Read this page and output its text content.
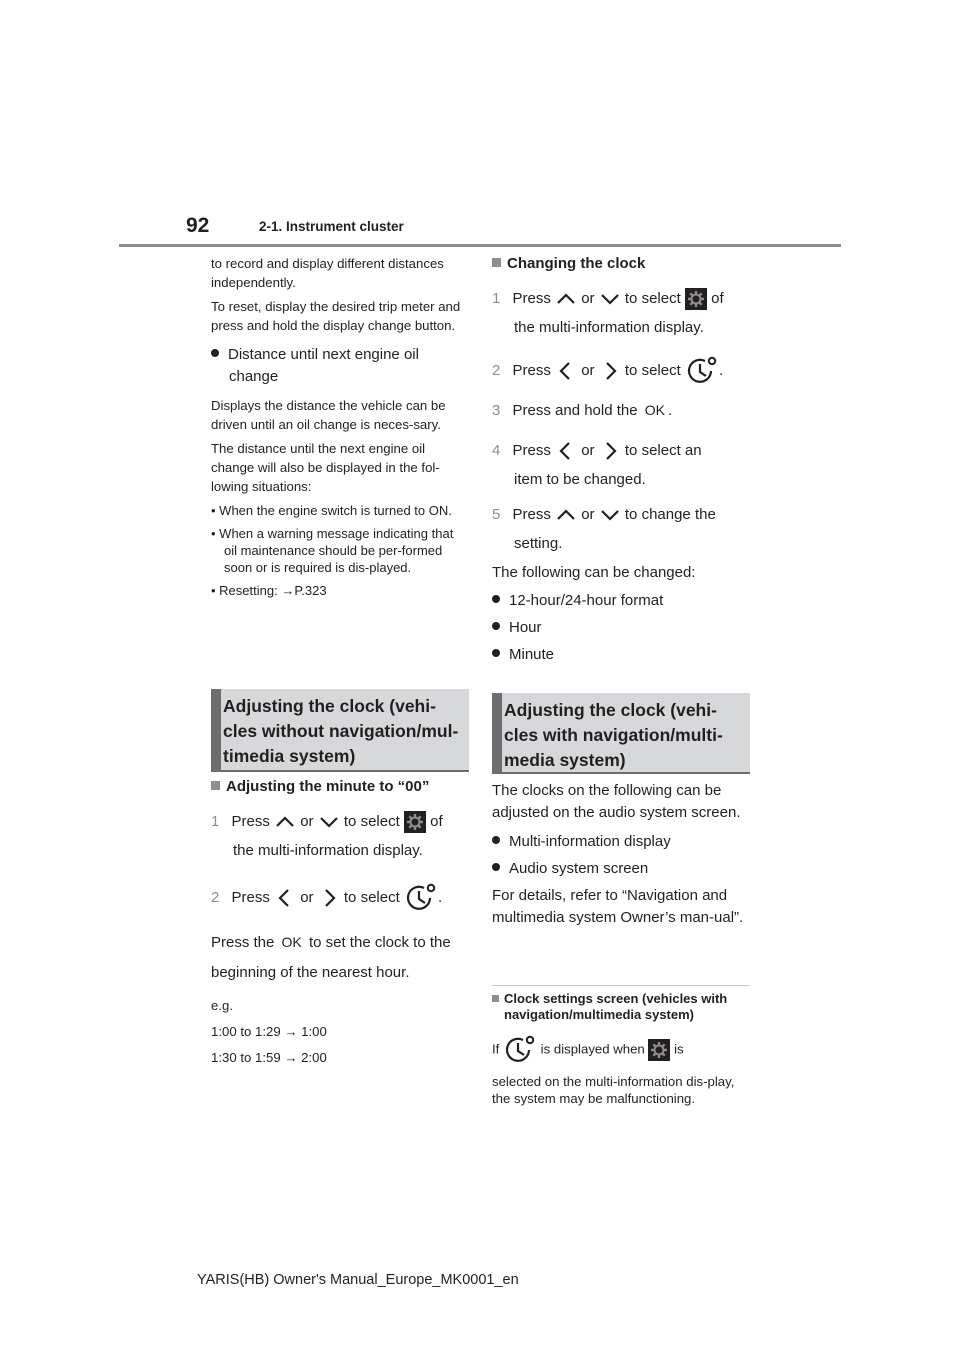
92	2-1. Instrument cluster

to record and display different distances independently.

To reset, display the desired trip meter and press and hold the display change button.

Distance until next engine oil change

Displays the distance the vehicle can be driven until an oil change is neces-sary.

The distance until the next engine oil change will also be displayed in the fol-lowing situations:

• When the engine switch is turned to ON.
• When a warning message indicating that oil maintenance should be per-formed soon or is required is dis-played.
• Resetting: →P.323

Adjusting the clock (vehi-cles without navigation/mul-timedia system)

Adjusting the minute to “00”
1 Press or to select of
the multi-information display.
2 Press or to select	.
Press the OK to set the clock to the
beginning of the nearest hour.

e.g.

1:00 to 1:29 → 1:00

1:30 to 1:59 → 2:00

Changing the clock
1 Press or to select of
the multi-information display.
2 Press or to select	.
3 Press and hold the OK .
4 Press or to select an
item to be changed.
5 Press or to change the
setting.
The following can be changed:
12-hour/24-hour format
Hour
Minute

Adjusting the clock (vehi-cles with navigation/multi-media system)

The clocks on the following can be adjusted on the audio system screen.

Multi-information display
Audio system screen

For details, refer to “Navigation and multimedia system Owner’s man-ual”.

Clock settings screen (vehicles with navigation/multimedia system)
If	is displayed when is

selected on the multi-information dis-play, the system may be malfunctioning.

YARIS(HB) Owner's Manual_Europe_MK0001_en
